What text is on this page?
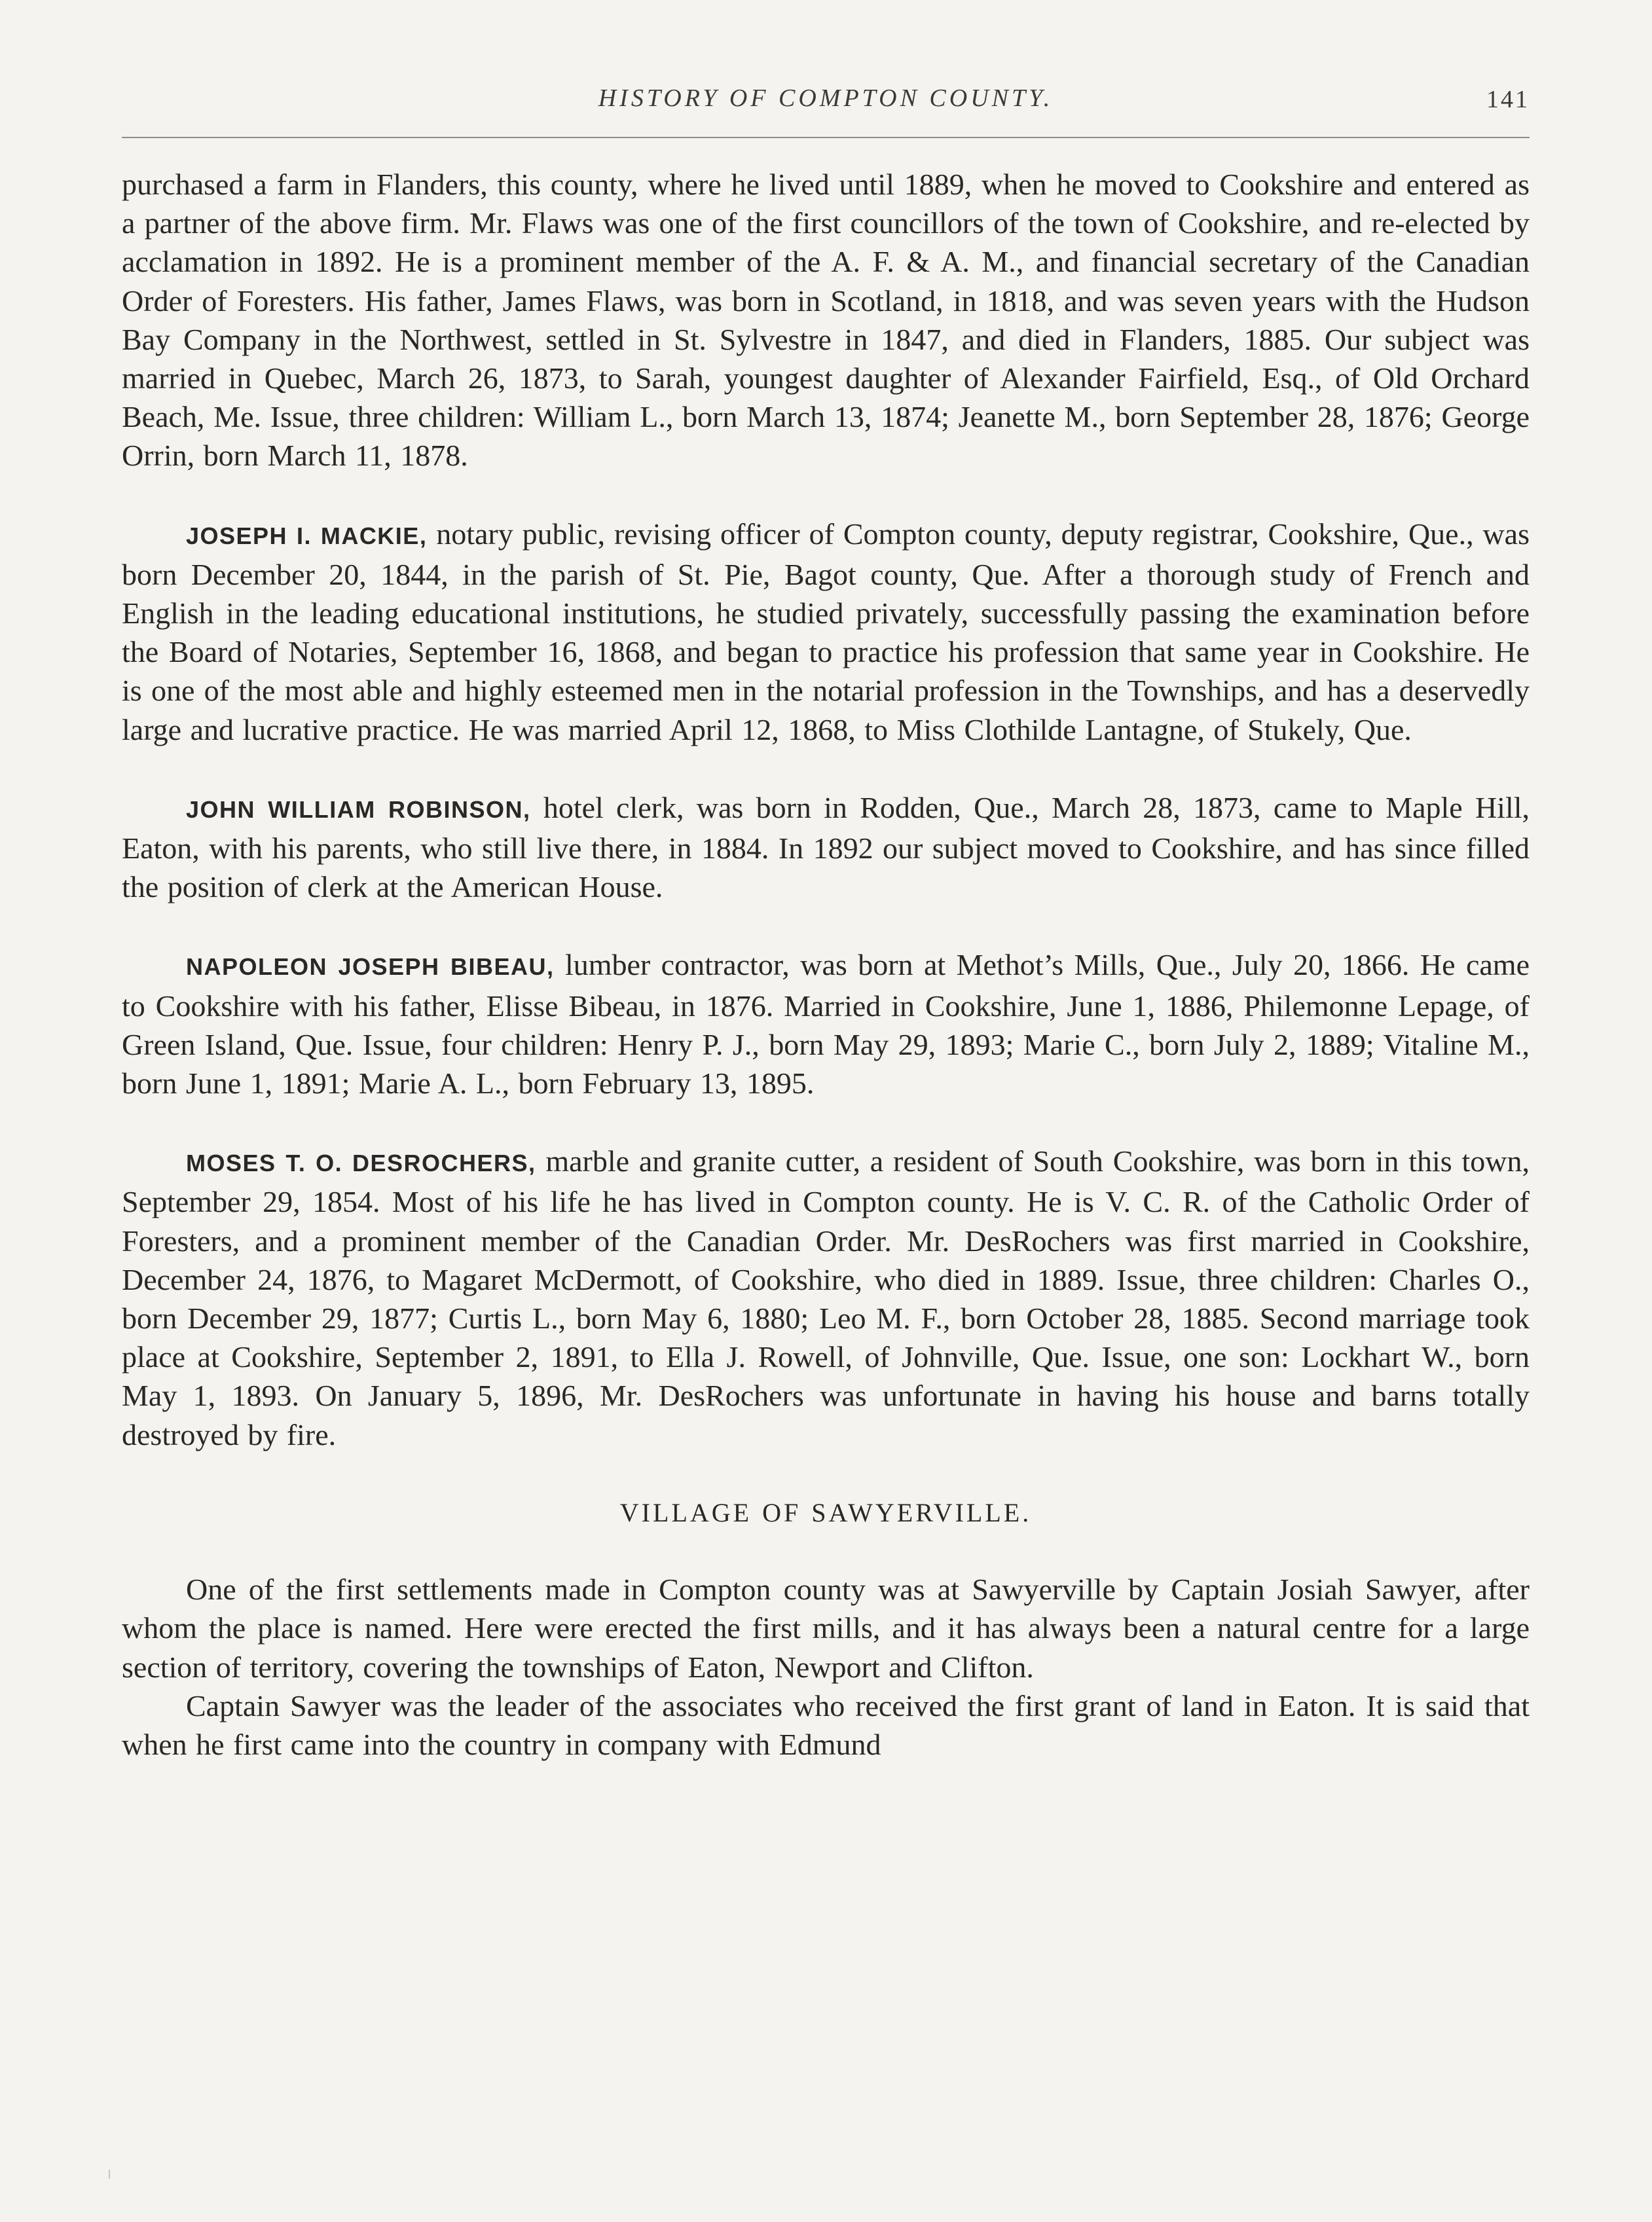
HISTORY OF COMPTON COUNTY.	141

purchased a farm in Flanders, this county, where he lived until 1889, when he moved to Cookshire and entered as a partner of the above firm. Mr. Flaws was one of the first councillors of the town of Cookshire, and re-elected by acclamation in 1892. He is a prominent member of the A. F. & A. M., and financial secretary of the Canadian Order of Foresters. His father, James Flaws, was born in Scotland, in 1818, and was seven years with the Hudson Bay Company in the Northwest, settled in St. Sylvestre in 1847, and died in Flanders, 1885. Our subject was married in Quebec, March 26, 1873, to Sarah, youngest daughter of Alexander Fairfield, Esq., of Old Orchard Beach, Me. Issue, three children: William L., born March 13, 1874; Jeanette M., born September 28, 1876; George Orrin, born March 11, 1878.

JOSEPH I. MACKIE, notary public, revising officer of Compton county, deputy registrar, Cookshire, Que., was born December 20, 1844, in the parish of St. Pie, Bagot county, Que. After a thorough study of French and English in the leading educational institutions, he studied privately, successfully passing the examination before the Board of Notaries, September 16, 1868, and began to practice his profession that same year in Cookshire. He is one of the most able and highly esteemed men in the notarial profession in the Townships, and has a deservedly large and lucrative practice. He was married April 12, 1868, to Miss Clothilde Lantagne, of Stukely, Que.

JOHN WILLIAM ROBINSON, hotel clerk, was born in Rodden, Que., March 28, 1873, came to Maple Hill, Eaton, with his parents, who still live there, in 1884. In 1892 our subject moved to Cookshire, and has since filled the position of clerk at the American House.

NAPOLEON JOSEPH BIBEAU, lumber contractor, was born at Methot’s Mills, Que., July 20, 1866. He came to Cookshire with his father, Elisse Bibeau, in 1876. Married in Cookshire, June 1, 1886, Philemonne Lepage, of Green Island, Que. Issue, four children: Henry P. J., born May 29, 1893; Marie C., born July 2, 1889; Vitaline M., born June 1, 1891; Marie A. L., born February 13, 1895.

MOSES T. O. DESROCHERS, marble and granite cutter, a resident of South Cookshire, was born in this town, September 29, 1854. Most of his life he has lived in Compton county. He is V. C. R. of the Catholic Order of Foresters, and a prominent member of the Canadian Order. Mr. DesRochers was first married in Cookshire, December 24, 1876, to Magaret McDermott, of Cookshire, who died in 1889. Issue, three children: Charles O., born December 29, 1877; Curtis L., born May 6, 1880; Leo M. F., born October 28, 1885. Second marriage took place at Cookshire, September 2, 1891, to Ella J. Rowell, of Johnville, Que. Issue, one son: Lockhart W., born May 1, 1893. On January 5, 1896, Mr. DesRochers was unfortunate in having his house and barns totally destroyed by fire.

VILLAGE OF SAWYERVILLE.

One of the first settlements made in Compton county was at Sawyerville by Captain Josiah Sawyer, after whom the place is named. Here were erected the first mills, and it has always been a natural centre for a large section of territory, covering the townships of Eaton, Newport and Clifton.

Captain Sawyer was the leader of the associates who received the first grant of land in Eaton. It is said that when he first came into the country in company with Edmund
